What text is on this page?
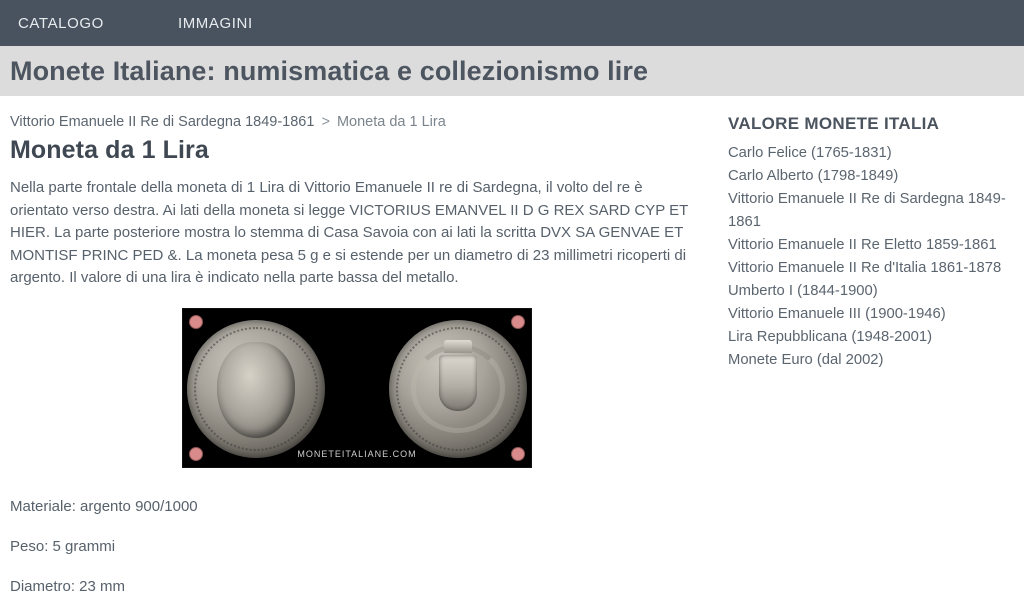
CATALOGO	IMMAGINI
Monete Italiane: numismatica e collezionismo lire
Vittorio Emanuele II Re di Sardegna 1849-1861 > Moneta da 1 Lira
Moneta da 1 Lira

Nella parte frontale della moneta di 1 Lira di Vittorio Emanuele II re di Sardegna, il volto del re è orientato verso destra. Ai lati della moneta si legge VICTORIUS EMANVEL II D G REX SARD CYP ET HIER. La parte posteriore mostra lo stemma di Casa Savoia con ai lati la scritta DVX SA GENVAE ET MONTISF PRINC PED &. La moneta pesa 5 g e si estende per un diametro di 23 millimetri ricoperti di argento. Il valore di una lira è indicato nella parte bassa del metallo.

MONETEITALIANE.COM
Materiale: argento 900/1000
Peso: 5 grammi
Diametro: 23 mm
VALORE MONETE ITALIA
Carlo Felice (1765-1831)
Carlo Alberto (1798-1849)
Vittorio Emanuele II Re di Sardegna 1849-1861
Vittorio Emanuele II Re Eletto 1859-1861
Vittorio Emanuele II Re d'Italia 1861-1878
Umberto I (1844-1900)
Vittorio Emanuele III (1900-1946)
Lira Repubblicana (1948-2001)
Monete Euro (dal 2002)
